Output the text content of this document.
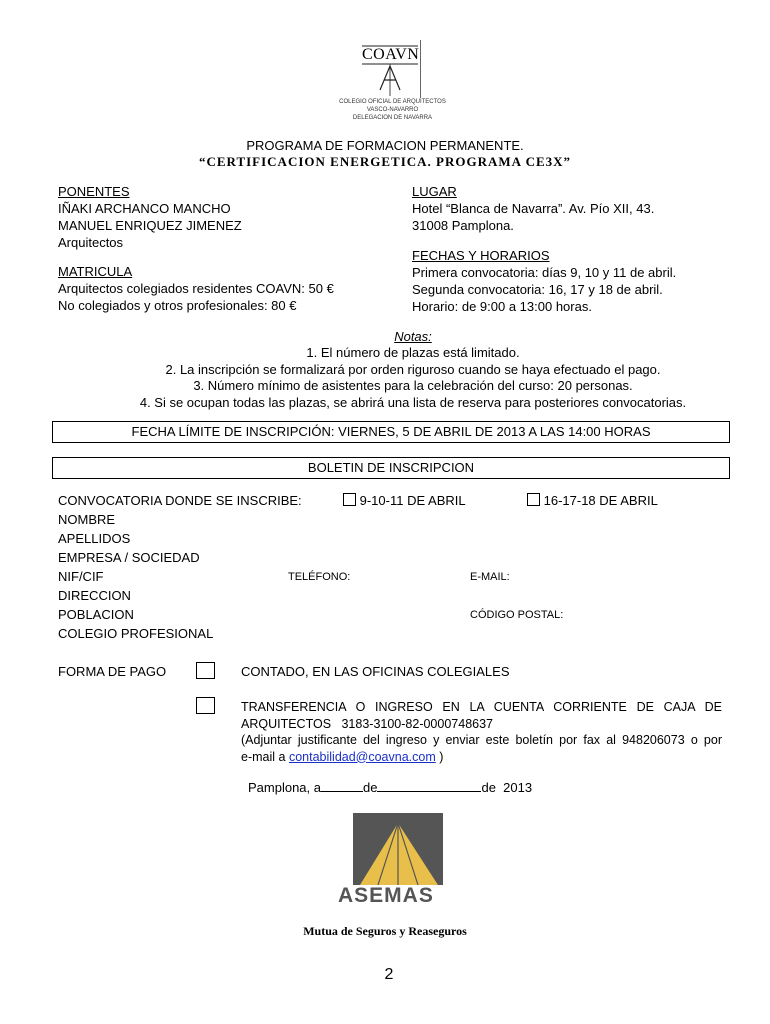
COAVN
COLEGIO OFICIAL DE ARQUITECTOS
VASCO-NAVARRO
DELEGACION DE NAVARRA
PROGRAMA DE FORMACION PERMANENTE.
“CERTIFICACION ENERGETICA. PROGRAMA CE3X”
PONENTES
IÑAKI ARCHANCO MANCHO
MANUEL ENRIQUEZ JIMENEZ
Arquitectos
MATRICULA
Arquitectos colegiados residentes COAVN: 50 €
No colegiados y otros profesionales: 80 €
LUGAR
Hotel “Blanca de Navarra”. Av. Pío XII, 43.
31008 Pamplona.
FECHAS Y HORARIOS
Primera convocatoria: días 9, 10 y 11 de abril.
Segunda convocatoria: 16, 17 y 18 de abril.
Horario: de 9:00 a 13:00 horas.
Notas:
1. El número de plazas está limitado.
2. La inscripción se formalizará por orden riguroso cuando se haya efectuado el pago.
3. Número mínimo de asistentes para la celebración del curso: 20 personas.
4. Si se ocupan todas las plazas, se abrirá una lista de reserva para posteriores convocatorias.
FECHA LÍMITE DE INSCRIPCIÓN: VIERNES, 5 DE ABRIL DE 2013 A LAS 14:00 HORAS
BOLETIN DE INSCRIPCION
CONVOCATORIA DONDE SE INSCRIBE:	9-10-11 DE ABRIL	16-17-18 DE ABRIL
NOMBRE
APELLIDOS
EMPRESA / SOCIEDAD
NIF/CIF	TELÉFONO:	E-MAIL:
DIRECCION
POBLACION	CÓDIGO POSTAL:
COLEGIO PROFESIONAL
FORMA DE PAGO	CONTADO, EN LAS OFICINAS COLEGIALES
TRANSFERENCIA O INGRESO EN LA CUENTA CORRIENTE DE CAJA DE
ARQUITECTOS   3183-3100-82-0000748637
(Adjuntar justificante del ingreso y enviar este boletín por fax al 948206073 o por
e-mail a contabilidad@coavna.com )
Pamplona, a	de	de 2013
ASEMAS
Mutua de Seguros y Reaseguros
2
